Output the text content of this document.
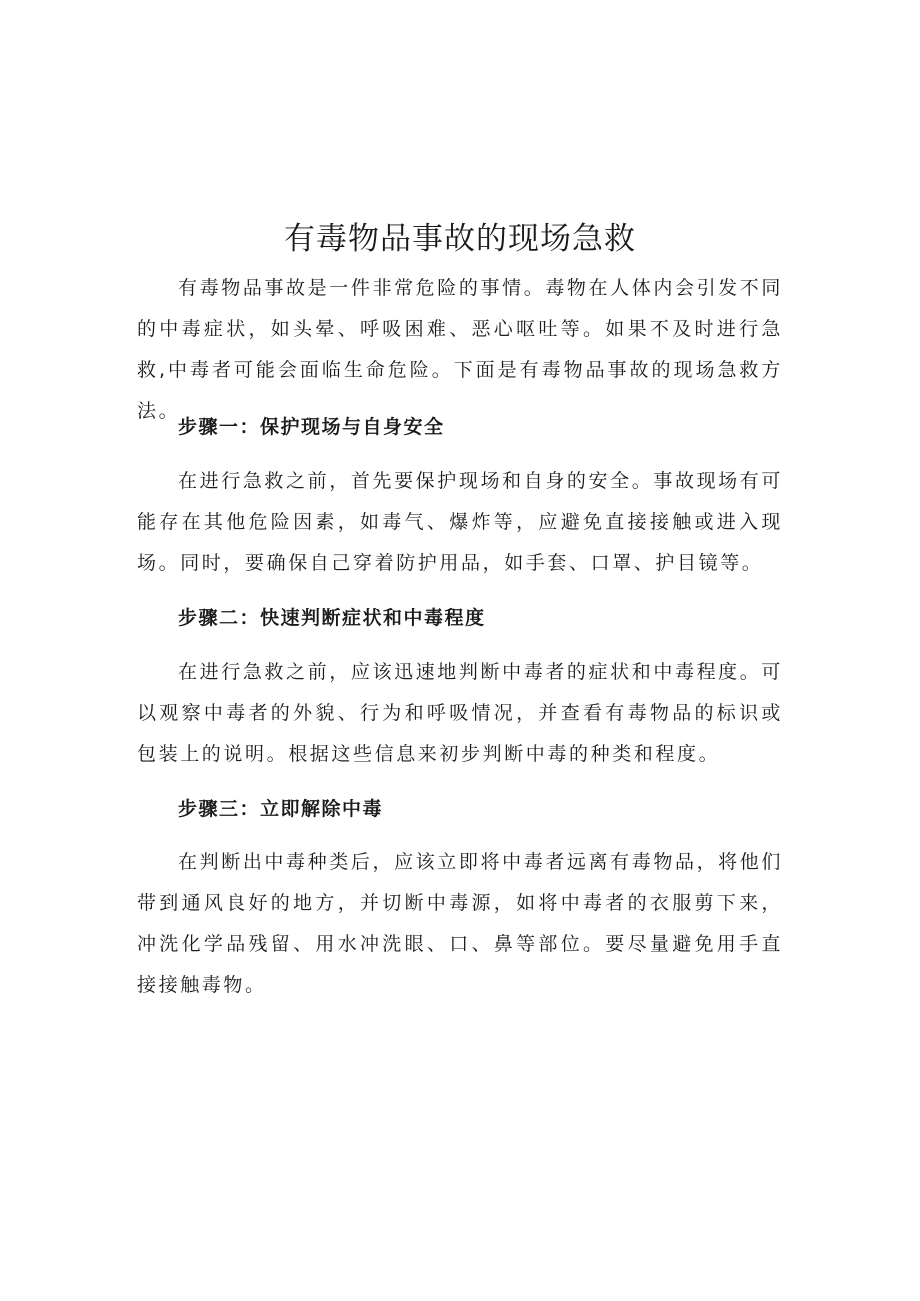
有毒物品事故的现场急救

有毒物品事故是一件非常危险的事情。毒物在人体内会引发不同的中毒症状，如头晕、呼吸困难、恶心呕吐等。如果不及时进行急救,中毒者可能会面临生命危险。下面是有毒物品事故的现场急救方法。

步骤一：保护现场与自身安全

在进行急救之前，首先要保护现场和自身的安全。事故现场有可能存在其他危险因素，如毒气、爆炸等，应避免直接接触或进入现场。同时，要确保自己穿着防护用品，如手套、口罩、护目镜等。

步骤二：快速判断症状和中毒程度

在进行急救之前，应该迅速地判断中毒者的症状和中毒程度。可以观察中毒者的外貌、行为和呼吸情况，并查看有毒物品的标识或包装上的说明。根据这些信息来初步判断中毒的种类和程度。

步骤三：立即解除中毒

在判断出中毒种类后，应该立即将中毒者远离有毒物品，将他们带到通风良好的地方，并切断中毒源，如将中毒者的衣服剪下来，冲洗化学品残留、用水冲洗眼、口、鼻等部位。要尽量避免用手直接接触毒物。
